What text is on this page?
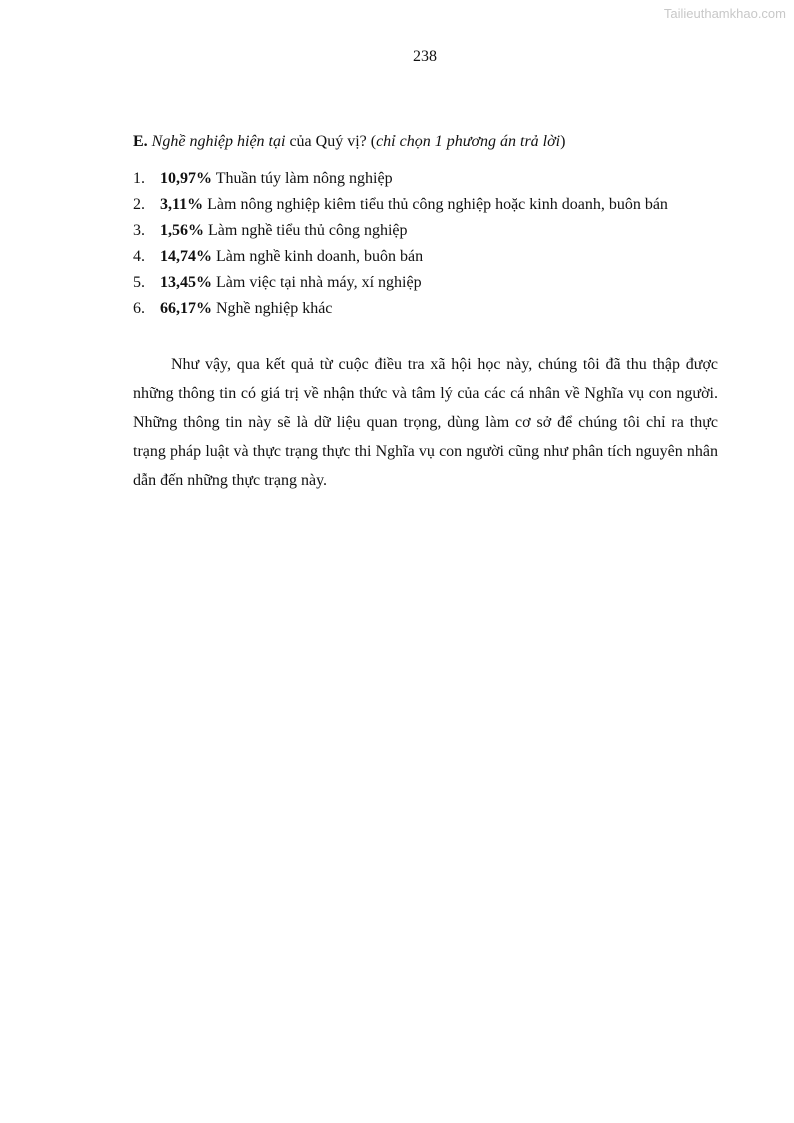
Tailieuthamkhao.com
238
E. Nghề nghiệp hiện tại của Quý vị? (chỉ chọn 1 phương án trả lời)
1. 10,97% Thuần túy làm nông nghiệp
2. 3,11% Làm nông nghiệp kiêm tiểu thủ công nghiệp hoặc kinh doanh, buôn bán
3. 1,56% Làm nghề tiểu thủ công nghiệp
4. 14,74% Làm nghề kinh doanh, buôn bán
5. 13,45% Làm việc tại nhà máy, xí nghiệp
6. 66,17% Nghề nghiệp khác

Như vậy, qua kết quả từ cuộc điều tra xã hội học này, chúng tôi đã thu thập được những thông tin có giá trị về nhận thức và tâm lý của các cá nhân về Nghĩa vụ con người. Những thông tin này sẽ là dữ liệu quan trọng, dùng làm cơ sở để chúng tôi chỉ ra thực trạng pháp luật và thực trạng thực thi Nghĩa vụ con người cũng như phân tích nguyên nhân dẫn đến những thực trạng này.
